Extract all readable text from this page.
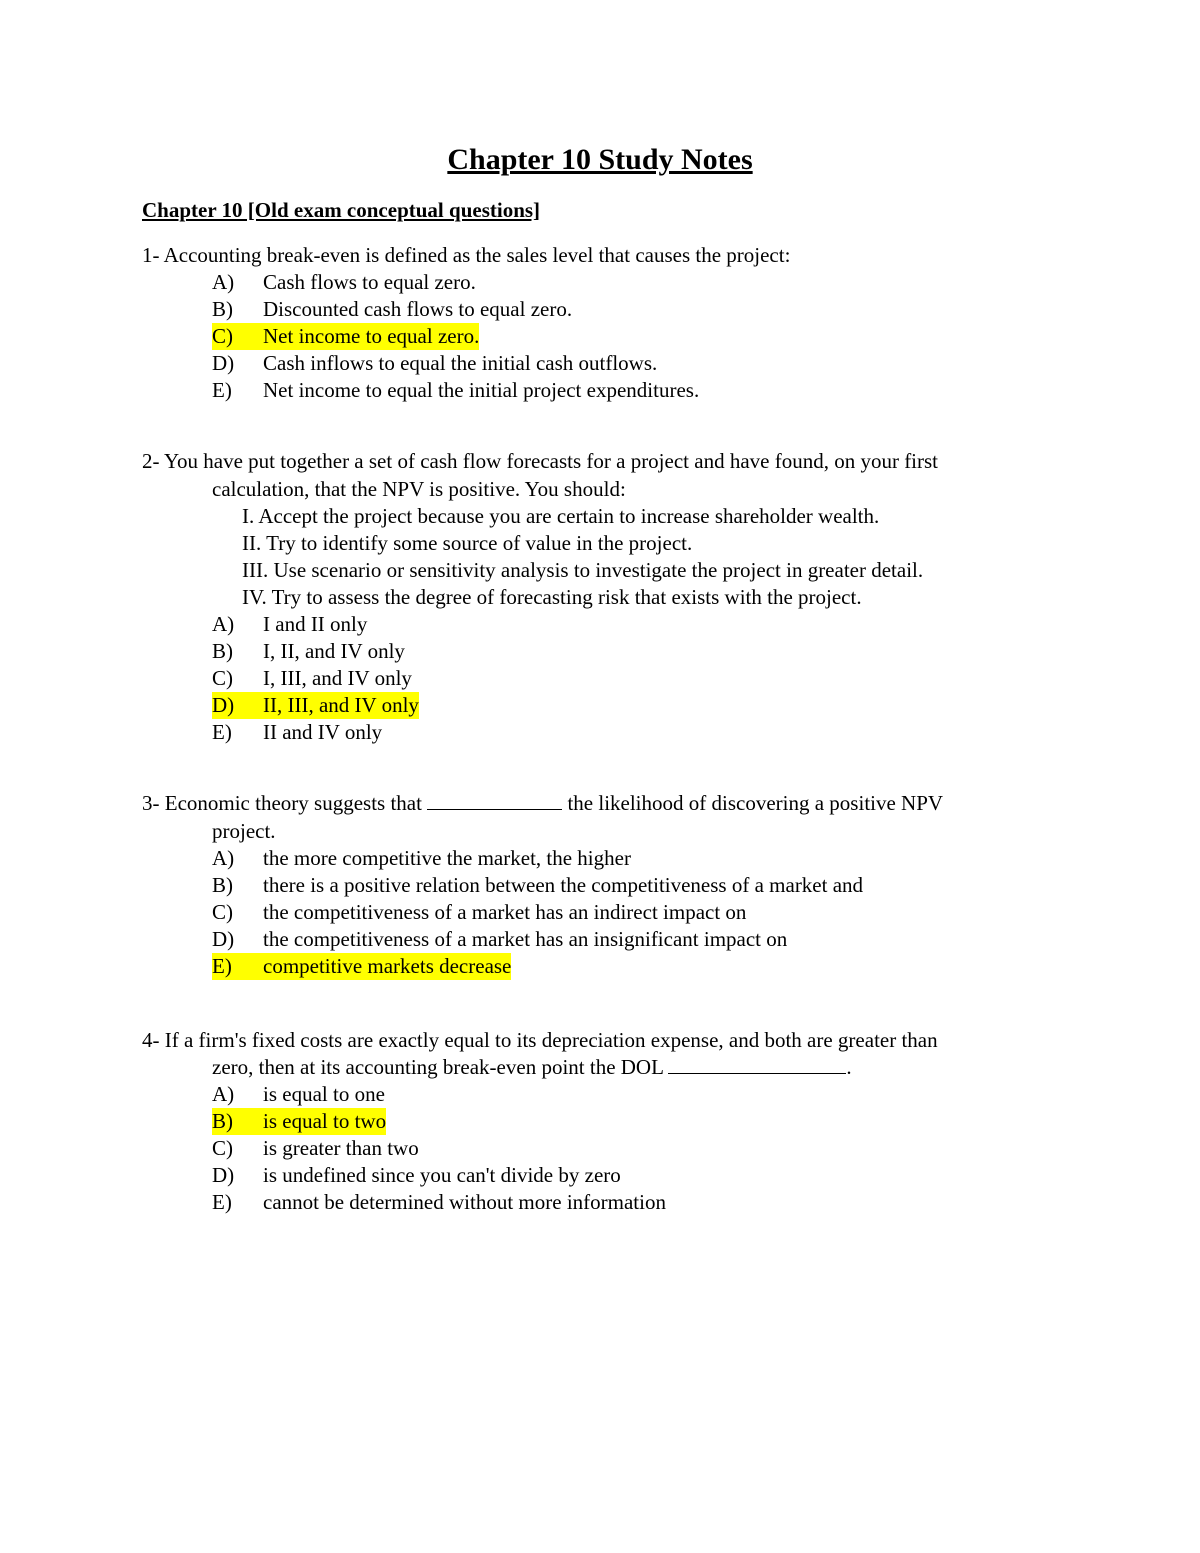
Chapter 10 Study Notes
Chapter 10 [Old exam conceptual questions]
1- Accounting break-even is defined as the sales level that causes the project:
A)	Cash flows to equal zero.
B)	Discounted cash flows to equal zero.
C) Net income to equal zero.
D)	Cash inflows to equal the initial cash outflows.
E)	Net income to equal the initial project expenditures.
2- You have put together a set of cash flow forecasts for a project and have found, on your first
calculation, that the NPV is positive. You should:
I. Accept the project because you are certain to increase shareholder wealth.
II. Try to identify some source of value in the project.
III. Use scenario or sensitivity analysis to investigate the project in greater detail.
IV. Try to assess the degree of forecasting risk that exists with the project.
A)	I and II only
B)	I, II, and IV only
C)	I, III, and IV only
D) II, III, and IV only
E)	II and IV only
3- Economic theory suggests that	the likelihood of discovering a positive NPV
project.
A)	the more competitive the market, the higher
B)	there is a positive relation between the competitiveness of a market and
C)	the competitiveness of a market has an indirect impact on
D)	the competitiveness of a market has an insignificant impact on
E) competitive markets decrease
4- If a firm's fixed costs are exactly equal to its depreciation expense, and both are greater than
zero, then at its accounting break-even point the DOL	.
A)	is equal to one
B) is equal to two
C)	is greater than two
D)	is undefined since you can't divide by zero
E)	cannot be determined without more information
